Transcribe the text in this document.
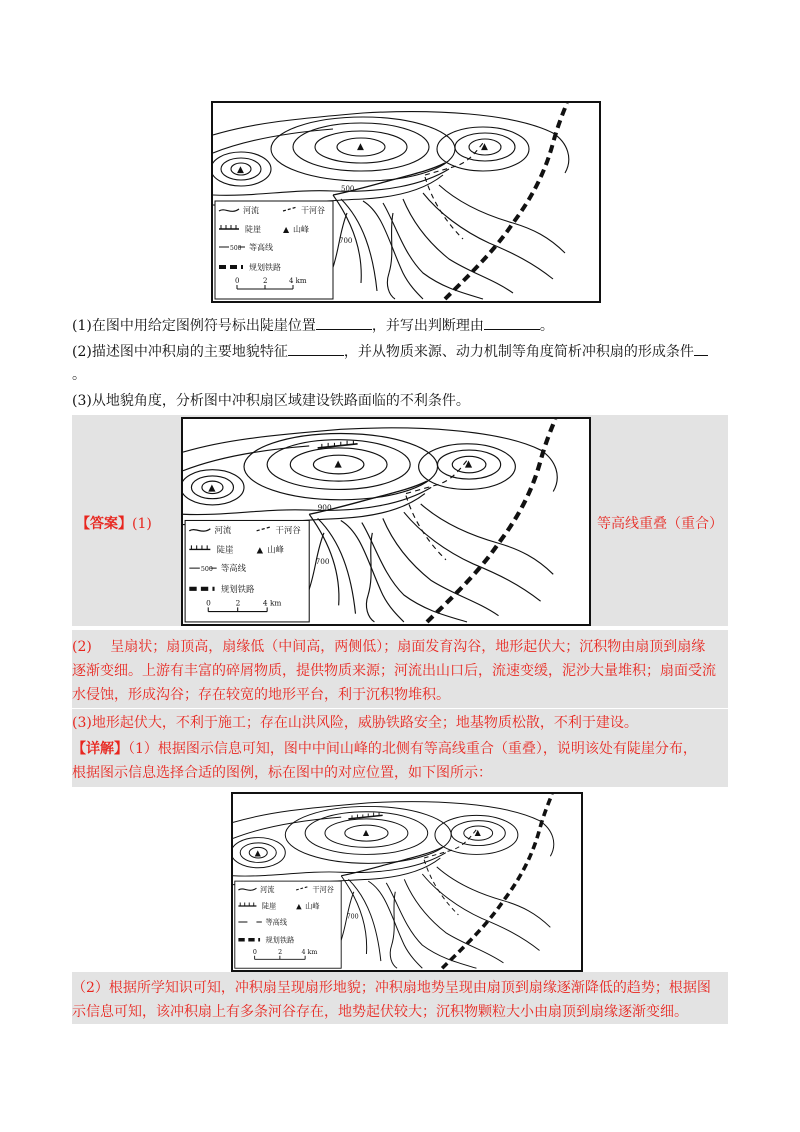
▲	▲
▲
500
700
河流	干河谷
陡崖	▲ 山峰
500 等高线
规划铁路
0	2	4 km
(1)在图中用给定图例符号标出陡崖位置	，并写出判断理由	。
(2)描述图中冲积扇的主要地貌特征	，并从物质来源、动力机制等角度简析冲积扇的形成条件
。
(3)从地貌角度，分析图中冲积扇区域建设铁路面临的不利条件。
▲	▲
▲
900
700
河流	干河谷
陡崖	▲ 山峰
500 等高线
规划铁路
0	2	4 km
【答案】(1)	等高线重叠（重合）
(2)　 呈扇状；扇顶高，扇缘低（中间高，两侧低）；扇面发育沟谷，地形起伏大；沉积物由扇顶到扇缘
逐渐变细。上游有丰富的碎屑物质，提供物质来源；河流出山口后，流速变缓，泥沙大量堆积；扇面受流
水侵蚀，形成沟谷；存在较宽的地形平台，利于沉积物堆积。
(3)地形起伏大，不利于施工；存在山洪风险，威胁铁路安全；地基物质松散，不利于建设。
【详解】（1）根据图示信息可知，图中中间山峰的北侧有等高线重合（重叠），说明该处有陡崖分布，
根据图示信息选择合适的图例，标在图中的对应位置，如下图所示：
▲	▲
▲
700
河流	干河谷
陡崖 ▲ 山峰
等高线
规划铁路
0	2	4 km
（2）根据所学知识可知，冲积扇呈现扇形地貌；冲积扇地势呈现由扇顶到扇缘逐渐降低的趋势；根据图
示信息可知，该冲积扇上有多条河谷存在，地势起伏较大；沉积物颗粒大小由扇顶到扇缘逐渐变细。
